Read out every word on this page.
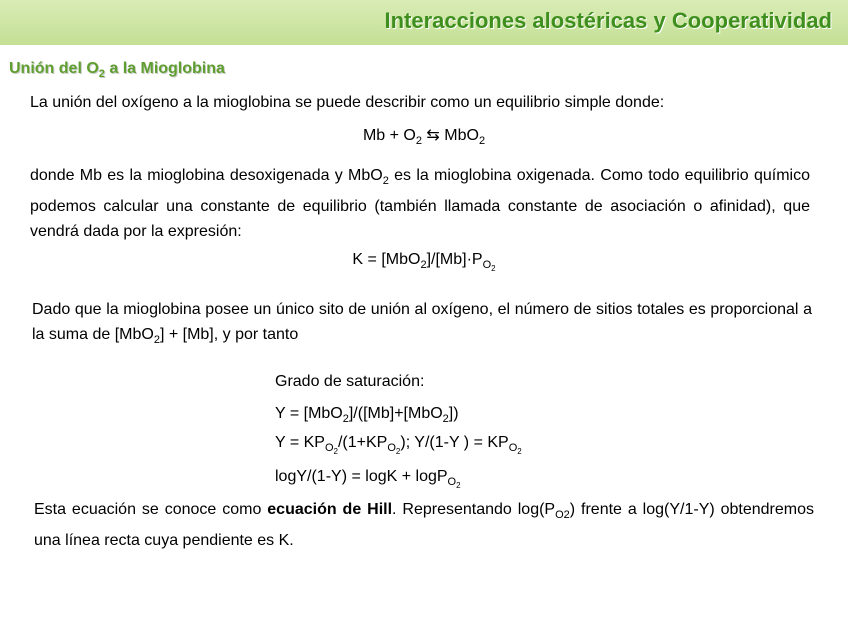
Interacciones alostéricas y Cooperatividad
Unión del $O_2$ a la Mioglobina
La unión del oxígeno a la mioglobina se puede describir como un equilibrio simple donde:
$Mb + O_2$ ⇆ MbO$_2$
donde Mb es la mioglobina desoxigenada y MbO$_2$ es la mioglobina oxigenada. Como todo equilibrio químico podemos calcular una constante de equilibrio (también llamada constante de asociación o afinidad), que vendrá dada por la expresión:
$K = [MbO_2]/[Mb]\cdot P_{O_2}$
Dado que la mioglobina posee un único sito de unión al oxígeno, el número de sitios totales es proporcional a la suma de [MbO$_2$] + [Mb], y por tanto
Grado de saturación:
Y = [MbO$_2$]/([Mb]+[MbO$_2$])
$Y = KP_{O_2}/(1+KP_{O_2})$; Y/(1-Y ) = $KP_{O_2}$
logY/(1-Y) = logK + logP$_{O_2}$
Esta ecuación se conoce como ecuación de Hill. Representando $\log(P_{O2})$ frente a log(Y/1-Y) obtendremos una línea recta cuya pendiente es K.
